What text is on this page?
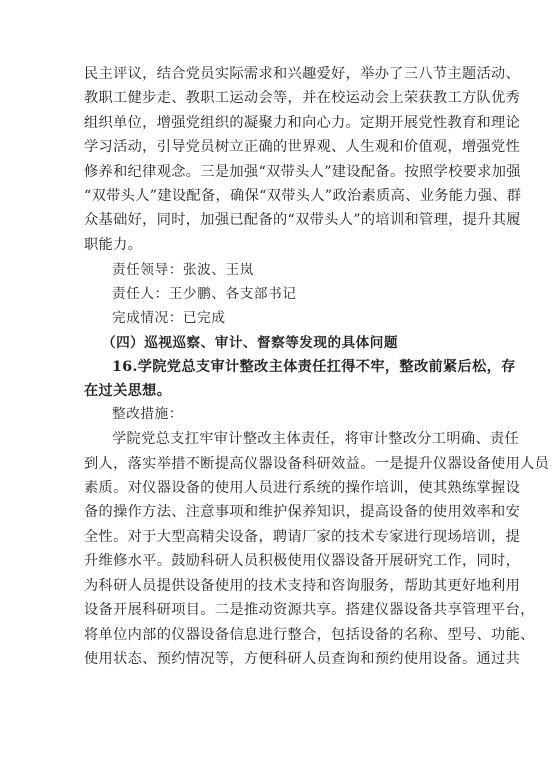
民主评议，结合党员实际需求和兴趣爱好，举办了三八节主题活动、
教职工健步走、教职工运动会等，并在校运动会上荣获教工方队优秀
组织单位，增强党组织的凝聚力和向心力。定期开展党性教育和理论
学习活动，引导党员树立正确的世界观、人生观和价值观，增强党性
修养和纪律观念。三是加强“双带头人”建设配备。按照学校要求加强
“双带头人”建设配备，确保“双带头人”政治素质高、业务能力强、群
众基础好，同时，加强已配备的“双带头人”的培训和管理，提升其履
职能力。

责任领导：张波、王岚

责任人：王少鹏、各支部书记

完成情况：已完成

（四）巡视巡察、审计、督察等发现的具体问题

16.学院党总支审计整改主体责任扛得不牢，整改前紧后松，存
在过关思想。

整改措施：

学院党总支扛牢审计整改主体责任，将审计整改分工明确、责任
到人，落实举措不断提高仪器设备科研效益。一是提升仪器设备使用人员
素质。对仪器设备的使用人员进行系统的操作培训，使其熟练掌握设
备的操作方法、注意事项和维护保养知识，提高设备的使用效率和安
全性。对于大型高精尖设备，聘请厂家的技术专家进行现场培训，提
升维修水平。鼓励科研人员积极使用仪器设备开展研究工作，同时，
为科研人员提供设备使用的技术支持和咨询服务，帮助其更好地利用
设备开展科研项目。二是推动资源共享。搭建仪器设备共享管理平台，
将单位内部的仪器设备信息进行整合，包括设备的名称、型号、功能、
使用状态、预约情况等，方便科研人员查询和预约使用设备。通过共
